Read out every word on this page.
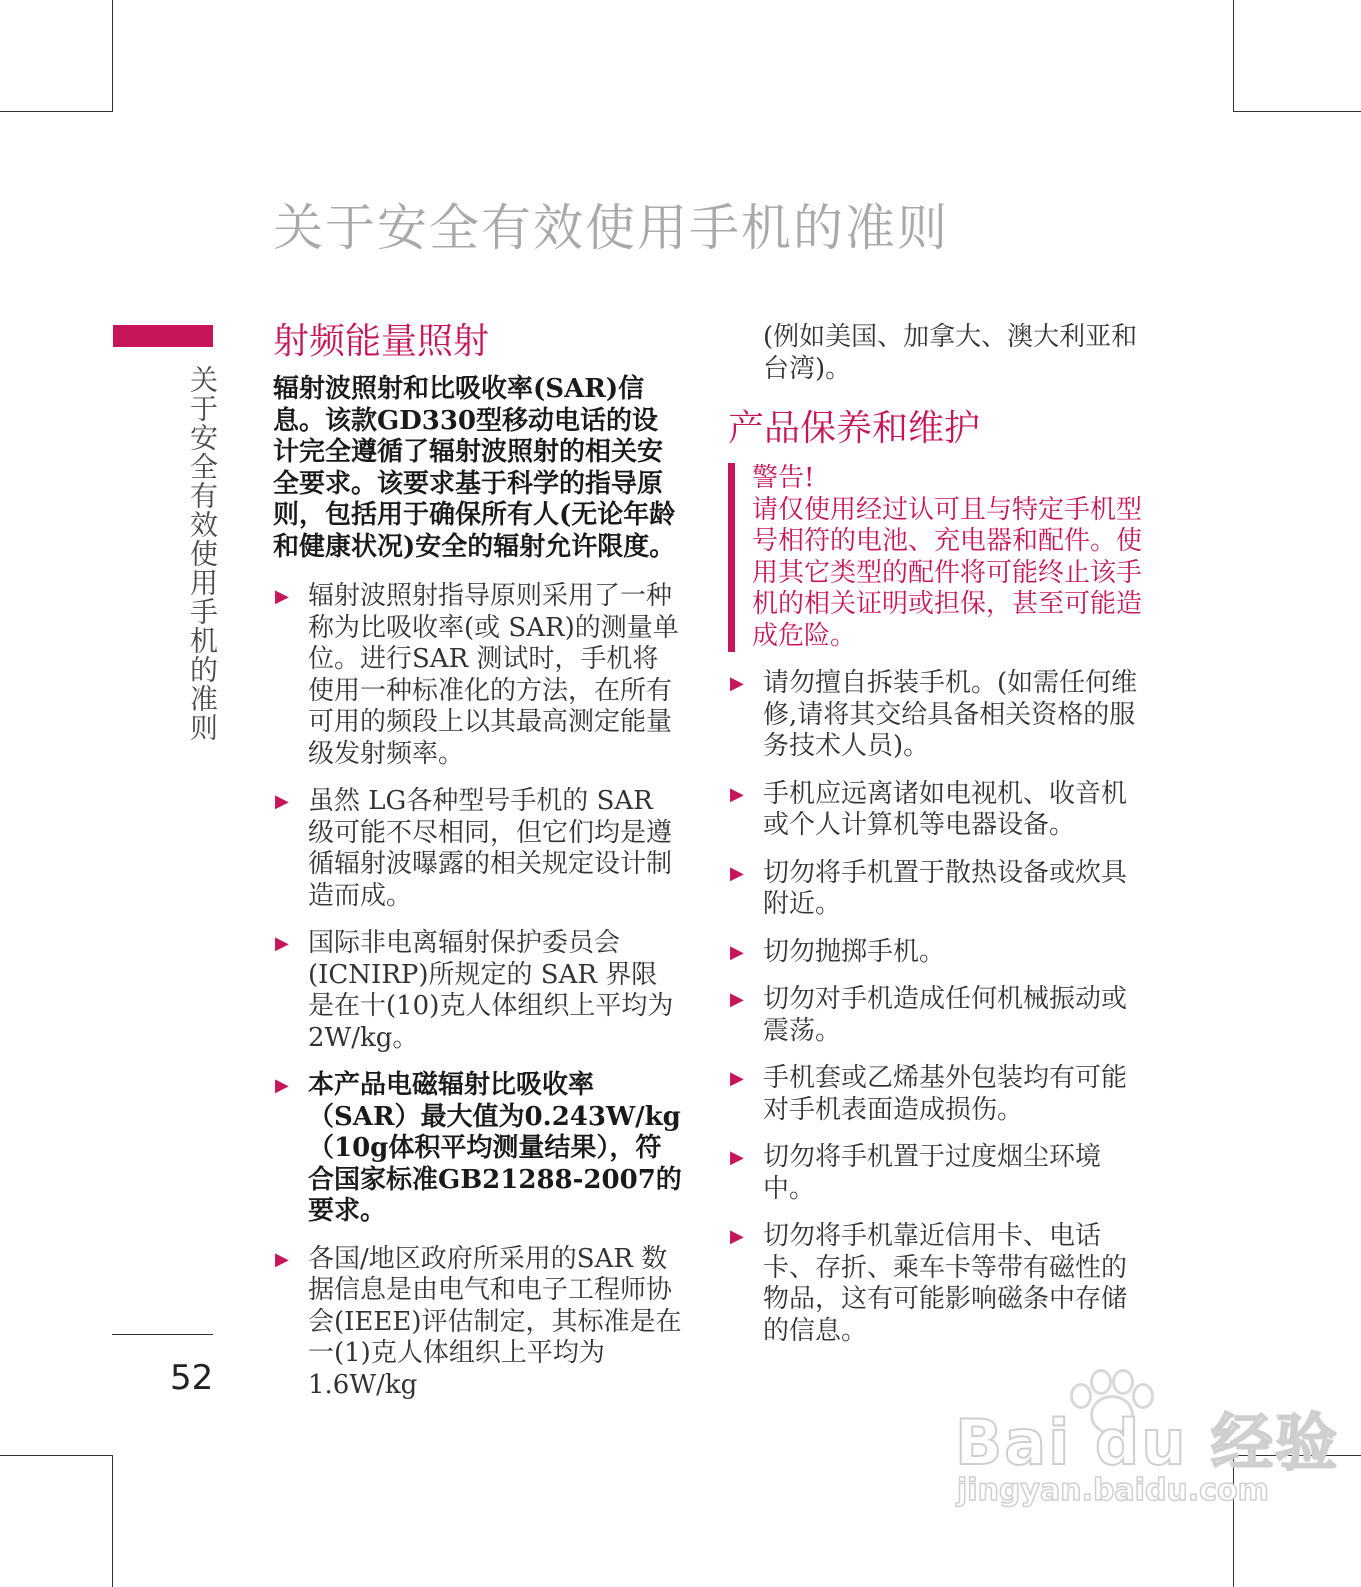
关于安全有效使用手机的准则
关于安全有效使用手机的准则
52
射频能量照射

辐射波照射和比吸收率(SAR)信息。该款GD330型移动电话的设计完全遵循了辐射波照射的相关安全要求。该要求基于科学的指导原则，包括用于确保所有人(无论年龄和健康状况)安全的辐射允许限度。

▶ 辐射波照射指导原则采用了一种称为比吸收率(或 SAR)的测量单位。进行SAR 测试时，手机将使用一种标准化的方法，在所有可用的频段上以其最高测定能量级发射频率。
▶ 虽然 LG各种型号手机的 SAR 级可能不尽相同，但它们均是遵循辐射波曝露的相关规定设计制造而成。
▶ 国际非电离辐射保护委员会(ICNIRP)所规定的 SAR 界限是在十(10)克人体组织上平均为2W/kg。
▶ 本产品电磁辐射比吸收率（SAR）最大值为0.243W/kg（10g体积平均测量结果），符合国家标准GB21288-2007的要求。
▶ 各国/地区政府所采用的SAR 数据信息是由电气和电子工程师协会(IEEE)评估制定，其标准是在一(1)克人体组织上平均为 1.6W/kg

(例如美国、加拿大、澳大利亚和台湾)。

产品保养和维护
警告!
请仅使用经过认可且与特定手机型号相符的电池、充电器和配件。使用其它类型的配件将可能终止该手机的相关证明或担保，甚至可能造成危险。
▶ 请勿擅自拆装手机。(如需任何维修,请将其交给具备相关资格的服务技术人员)。
▶ 手机应远离诸如电视机、收音机或个人计算机等电器设备。
▶ 切勿将手机置于散热设备或炊具附近。
▶ 切勿抛掷手机。
▶ 切勿对手机造成任何机械振动或震荡。
▶ 手机套或乙烯基外包装均有可能对手机表面造成损伤。
▶ 切勿将手机置于过度烟尘环境中。
▶ 切勿将手机靠近信用卡、电话卡、存折、乘车卡等带有磁性的物品，这有可能影响磁条中存储的信息。
Bai du 经验
jingyan.baidu.com
